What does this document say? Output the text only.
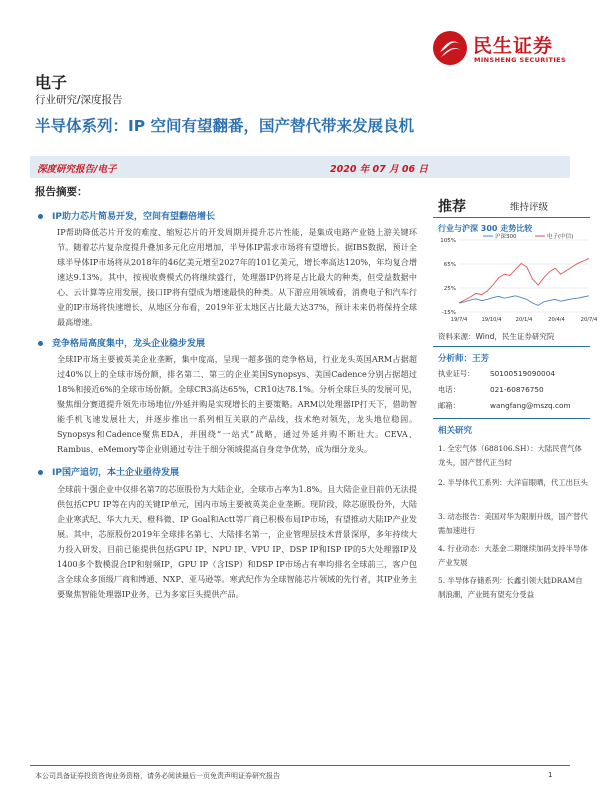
民生证券
MINSHENG SECURITIES
电子
行业研究/深度报告
半导体系列：IP 空间有望翻番，国产替代带来发展良机
深度研究报告/电子	2020 年 07 月 06 日
报告摘要：
IP助力芯片简易开发，空间有望翻倍增长
IP帮助降低芯片开发的难度、缩短芯片的开发周期并提升芯片性能，是集成电路产业链上游关键环节。随着芯片复杂度提升叠加多元化应用增加，半导体IP需求市场将有望增长。据IBS数据，预计全球半导体IP市场将从2018年的46亿美元增至2027年的101亿美元，增长率高达120%，年均复合增速达9.13%。其中，按视收费模式仍将继续盛行，处理器IP仍将是占比最大的种类，但受益数据中心、云计算等应用发展，接口IP将有望成为增速最快的种类。从下游应用领域看，消费电子和汽车行业的IP市场将快速增长，从地区分布看，2019年亚太地区占比最大达37%，预计未来仍将保持全球最高增速。
竞争格局高度集中，龙头企业稳步发展
全球IP市场主要被英美企业垄断，集中度高，呈现一超多强的竞争格局，行业龙头英国ARM占据超过40%以上的全球市场份额，排名第二、第三的企业美国Synopsys、美国Cadence分别占据超过18%和接近6%的全球市场份额。全球CR3高达65%，CR10达78.1%。分析全球巨头的发展可见，聚焦细分赛道提升领先市场地位/外延并购是实现增长的主要策略。ARM以处理器IP打天下，借助智能手机飞速发展壮大，并逐步推出一系列相互关联的产品线，技术绝对领先，龙头地位稳固。Synopsys和Cadence聚焦EDA，并围绕“一站式”战略，通过外延并购不断壮大。CEVA、Rambus、eMemory等企业则通过专注于细分领域提高自身竞争优势，成为细分龙头。
IP国产追切，本土企业亟待发展
全球前十强企业中仅排名第7的芯原股份为大陆企业，全球市占率为1.8%。且大陆企业目前仍无法提供包括CPU IP等在内的关键IP单元，国内市场主要被英美企业垄断。现阶段，除芯原股份外，大陆企业寒武纪、华大九天、橙科微、IP Goal和Actt等厂商已积极布局IP市场，有望推动大陆IP产业发展。其中，芯原股份2019年全球排名第七、大陆排名第一，企业管理层技术背景深厚，多年持续大力投入研发，目前已能提供包括GPU IP、NPU IP、VPU IP、DSP IP和ISP IP的5大处理器IP及1400多个数模混合IP和射频IP，GPU IP（含ISP）和DSP IP市场占有率均排名全球前三，客户包含全球众多顶级厂商和博通、NXP、亚马逊等。寒武纪作为全球智能芯片领域的先行者，其IP业务主要聚焦智能处理器IP业务，已为多家巨头提供产品。
推荐	维持评级
行业与沪深 300 走势比较
105%
65%
25%
-15%
19/7/4	19/10/4	20/1/4	20/4/4	20/7/4
沪深300	电子(中信)
资料来源：Wind，民生证券研究院
分析师：王芳
执业证号： S0100519090004
电话：	021-60876750
邮箱：	wangfang@mszq.com
相关研究
1. 全宏气体（688106.SH）：大陆民营气体龙头，国产替代正当时
2. 半导体代工系列：大洋盲眼晒，代工出巨头
3. 动态报告：美国对华为限制升级，国产替代需加速进行
4. 行业动态：大基金二期继续加码支持半导体产业发展
5. 半导体存储系列：长鑫引领大陆DRAM自制浪潮，产业链有望充分受益
本公司具备证券投资咨询业务资格，请务必阅读最后一页免责声明证券研究报告	1
